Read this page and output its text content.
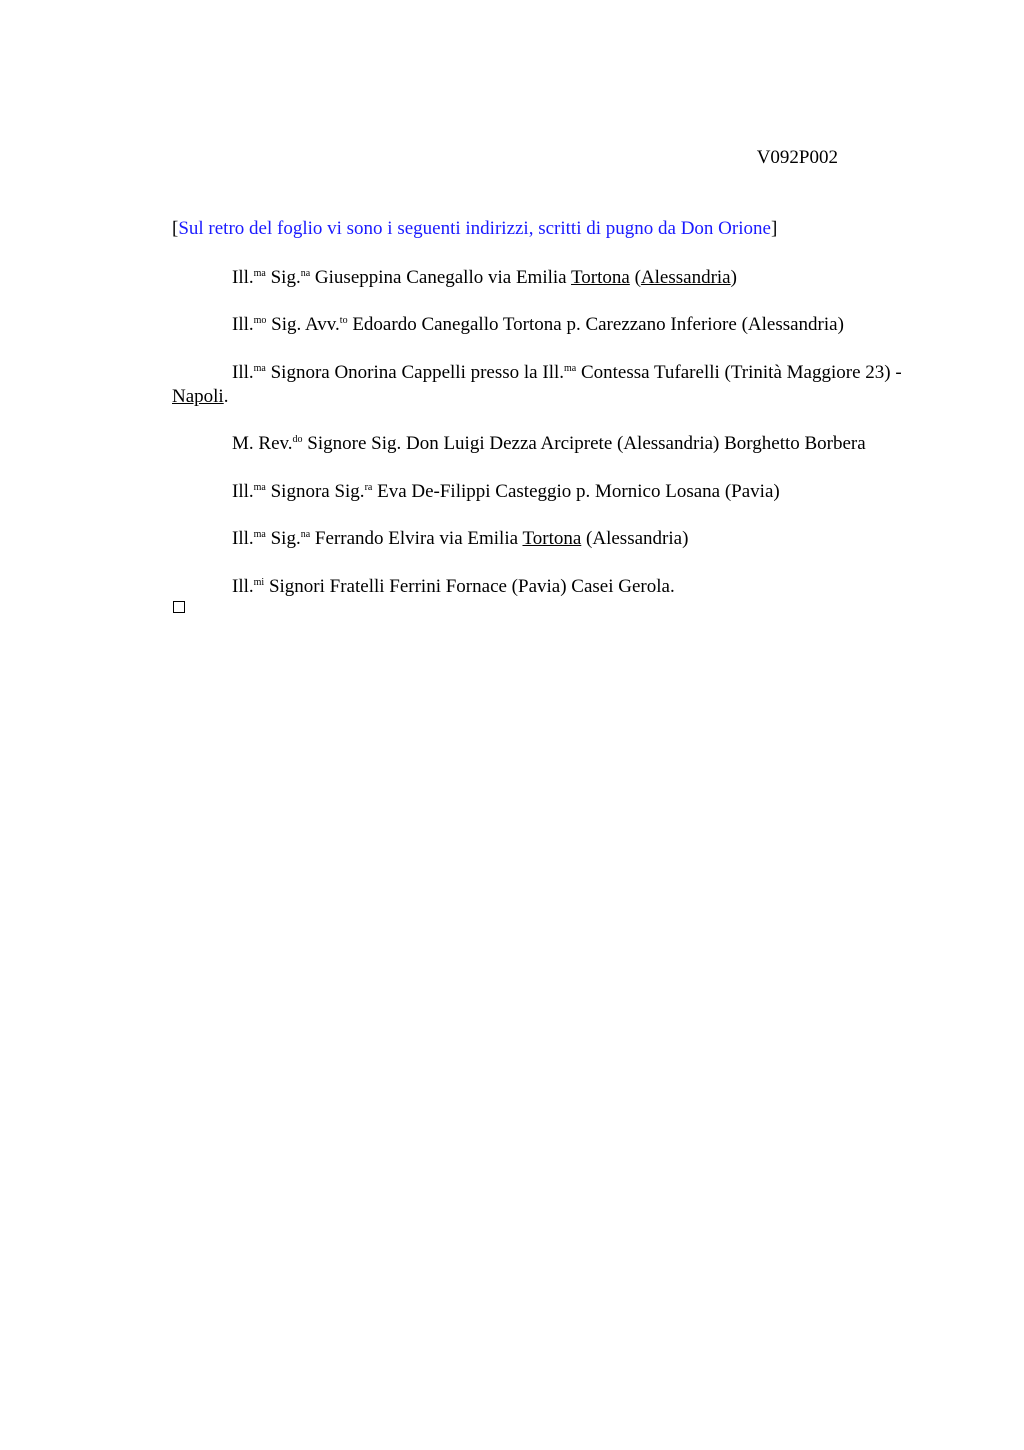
V092P002
[Sul retro del foglio vi sono i seguenti indirizzi, scritti di pugno da Don Orione]

Ill.$^{ma}$ Sig.$^{na}$ Giuseppina Canegallo via Emilia Tortona (Alessandria)

Ill.$^{mo}$ Sig. Avv.$^{to}$ Edoardo Canegallo Tortona p. Carezzano Inferiore (Alessandria)

Ill.$^{ma}$ Signora Onorina Cappelli presso la Ill.$^{ma}$ Contessa Tufarelli (Trinità Maggiore 23) - Napoli.

M. Rev.$^{do}$ Signore Sig. Don Luigi Dezza Arciprete (Alessandria) Borghetto Borbera

Ill.$^{ma}$ Signora Sig.$^{ra}$ Eva De-Filippi Casteggio p. Mornico Losana (Pavia)

Ill.$^{ma}$ Sig.$^{na}$ Ferrando Elvira via Emilia Tortona (Alessandria)

Ill.$^{mi}$ Signori Fratelli Ferrini Fornace (Pavia) Casei Gerola.
